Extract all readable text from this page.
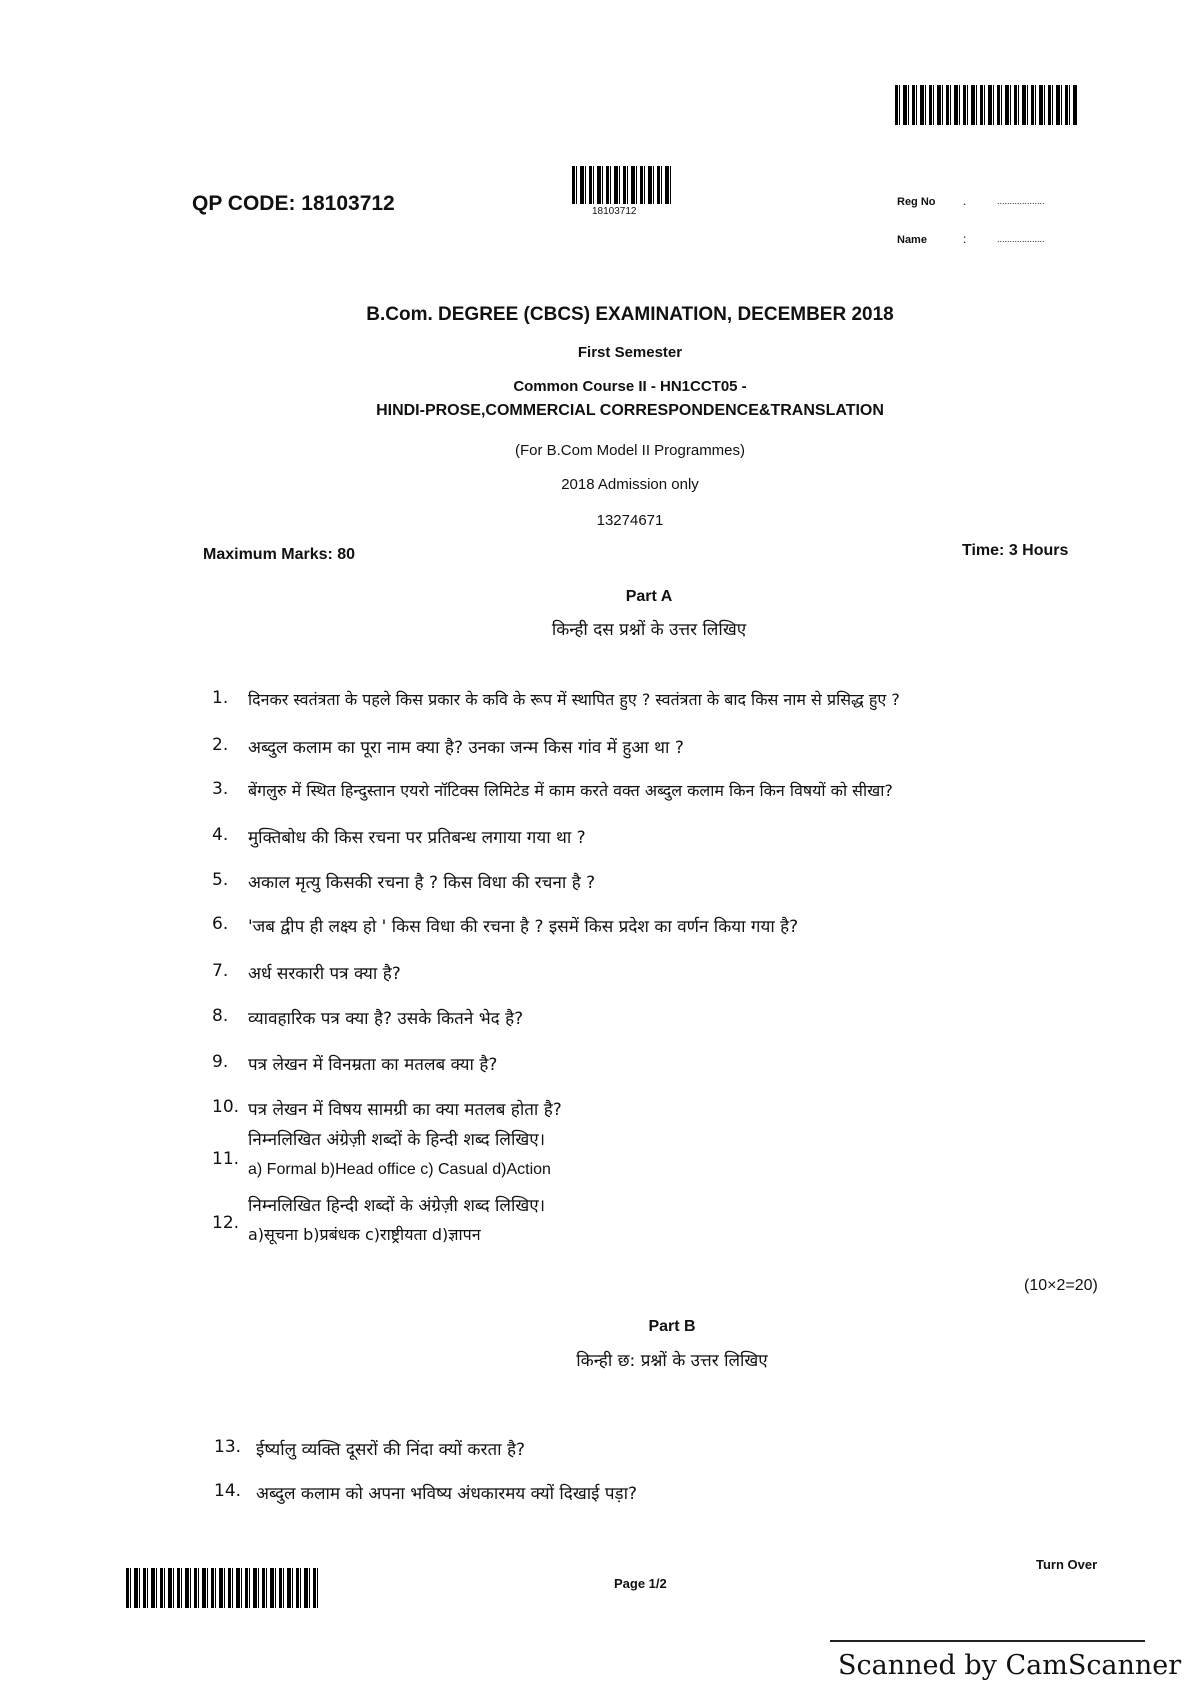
QP CODE: 18103712	18103712
Reg No .	...................
Name	:	...................
B.Com. DEGREE (CBCS) EXAMINATION, DECEMBER 2018
First Semester
Common Course II - HN1CCT05 -
HINDI-PROSE,COMMERCIAL CORRESPONDENCE&TRANSLATION
(For B.Com Model II Programmes)
2018 Admission only
13274671
Maximum Marks: 80	Time: 3 Hours
Part A
किन्ही दस प्रश्नों के उत्तर लिखिए
1.	दिनकर स्वतंत्रता के पहले किस प्रकार के कवि के रूप में स्थापित हुए ? स्वतंत्रता के बाद किस नाम से प्रसिद्ध हुए ?
2.	अब्दुल कलाम का पूरा नाम क्या है? उनका जन्म किस गांव में हुआ था ?
3.	बेंगलुरु में स्थित हिन्दुस्तान एयरो नॉटिक्स लिमिटेड में काम करते वक्त अब्दुल कलाम किन किन विषयों को सीखा?
4.	मुक्तिबोध की किस रचना पर प्रतिबन्ध लगाया गया था ?
5.	अकाल मृत्यु किसकी रचना है ? किस विधा की रचना है ?
6.	'जब द्वीप ही लक्ष्य हो ' किस विधा की रचना है ? इसमें किस प्रदेश का वर्णन किया गया है?
7.	अर्ध सरकारी पत्र क्या है?
8.	व्यावहारिक पत्र क्या है? उसके कितने भेद है?
9.	पत्र लेखन में विनम्रता का मतलब क्या है?
10. पत्र लेखन में विषय सामग्री का क्या मतलब होता है?
11.
निम्नलिखित अंग्रेज़ी शब्दों के हिन्दी शब्द लिखिए।
a) Formal b)Head office c) Casual d)Action
12.
निम्नलिखित हिन्दी शब्दों के अंग्रेज़ी शब्द लिखिए।
a)सूचना b)प्रबंधक c)राष्ट्रीयता d)ज्ञापन
(10×2=20)
Part B
किन्ही छ: प्रश्नों के उत्तर लिखिए
13. ईर्ष्यालु व्यक्ति दूसरों की निंदा क्यों करता है?
14. अब्दुल कलाम को अपना भविष्य अंधकारमय क्यों दिखाई पड़ा?
Page 1/2
Turn Over
Scanned by CamScanner
